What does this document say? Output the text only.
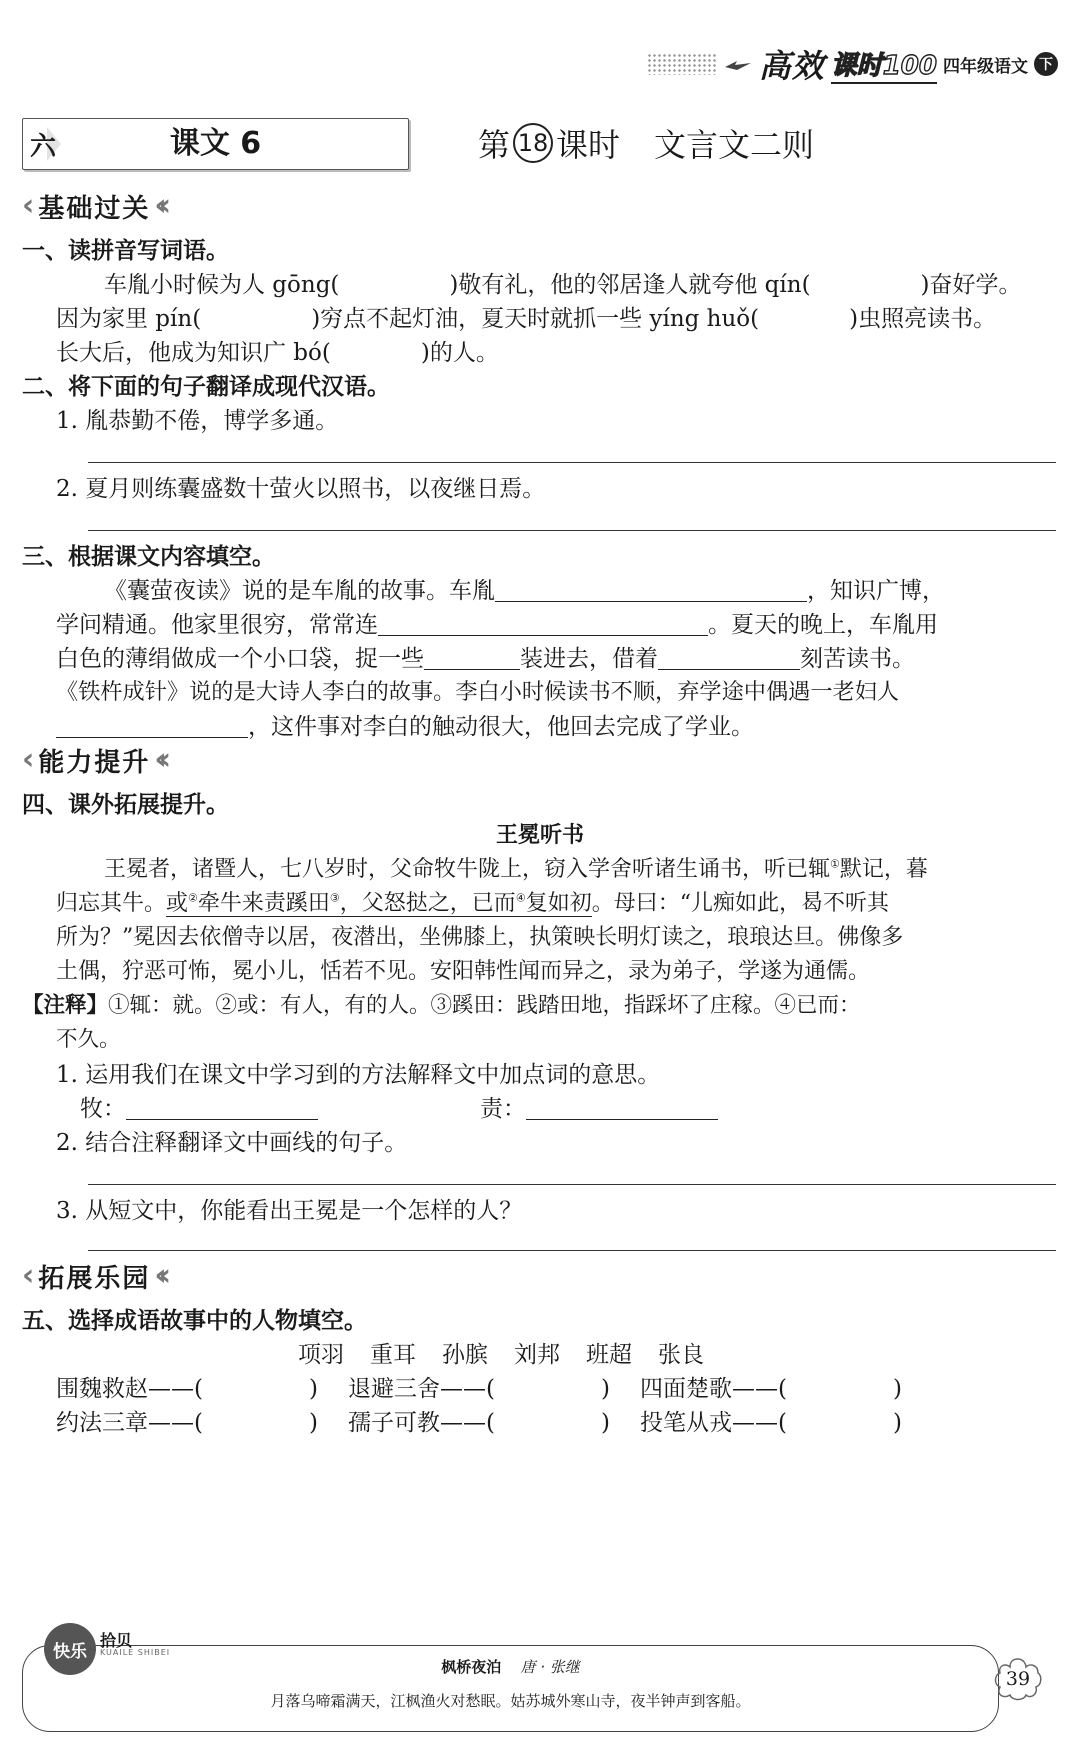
高效 课时100 四年级语文 下
六	课文 6	第 18 课时 文言文二则
‹ 基础过关 ‹‹
一、读拼音写词语。
车胤小时候为人 gōng(	)敬有礼，他的邻居逢人就夸他 qín(	)奋好学。
因为家里 pín(	)穷点不起灯油，夏天时就抓一些 yíng huǒ(	)虫照亮读书。
长大后，他成为知识广 bó(	)的人。
二、将下面的句子翻译成现代汉语。
1. 胤恭勤不倦，博学多通。
2. 夏月则练囊盛数十萤火以照书，以夜继日焉。
三、根据课文内容填空。
《囊萤夜读》说的是车胤的故事。车胤	，知识广博，
学问精通。他家里很穷，常常连	。夏天的晚上，车胤用
白色的薄绢做成一个小口袋，捉一些	装进去，借着	刻苦读书。
《铁杵成针》说的是大诗人李白的故事。李白小时候读书不顺，弃学途中偶遇一老妇人
，这件事对李白的触动很大，他回去完成了学业。
‹ 能力提升 ‹‹
四、课外拓展提升。
王冕听书
王冕者，诸暨人，七八岁时，父命牧牛陇上，窃入学舍听诸生诵书，听已辄①默记，暮
归忘其牛。或②牵牛来责蹊田③，父怒挞之，已而④复如初。母曰：“儿痴如此，曷不听其
所为？”冕因去依僧寺以居，夜潜出，坐佛膝上，执策映长明灯读之，琅琅达旦。佛像多
土偶，狞恶可怖，冕小儿，恬若不见。安阳韩性闻而异之，录为弟子，学遂为通儒。
【注释】①辄：就。②或：有人，有的人。③蹊田：践踏田地，指踩坏了庄稼。④已而：
不久。
1. 运用我们在课文中学习到的方法解释文中加点词的意思。
牧：	责：
2. 结合注释翻译文中画线的句子。
3. 从短文中，你能看出王冕是一个怎样的人？
‹ 拓展乐园 ‹‹
五、选择成语故事中的人物填空。
项羽 重耳 孙膑 刘邦 班超 张良
围魏救赵——(	) 退避三舍——(	) 四面楚歌——(	)
约法三章——(	) 孺子可教——(	) 投笔从戎——(	)
枫桥夜泊 唐 · 张继
月落乌啼霜满天，江枫渔火对愁眠。姑苏城外寒山寺，夜半钟声到客船。
快乐
拾贝
KUAILE SHIBEI
39
